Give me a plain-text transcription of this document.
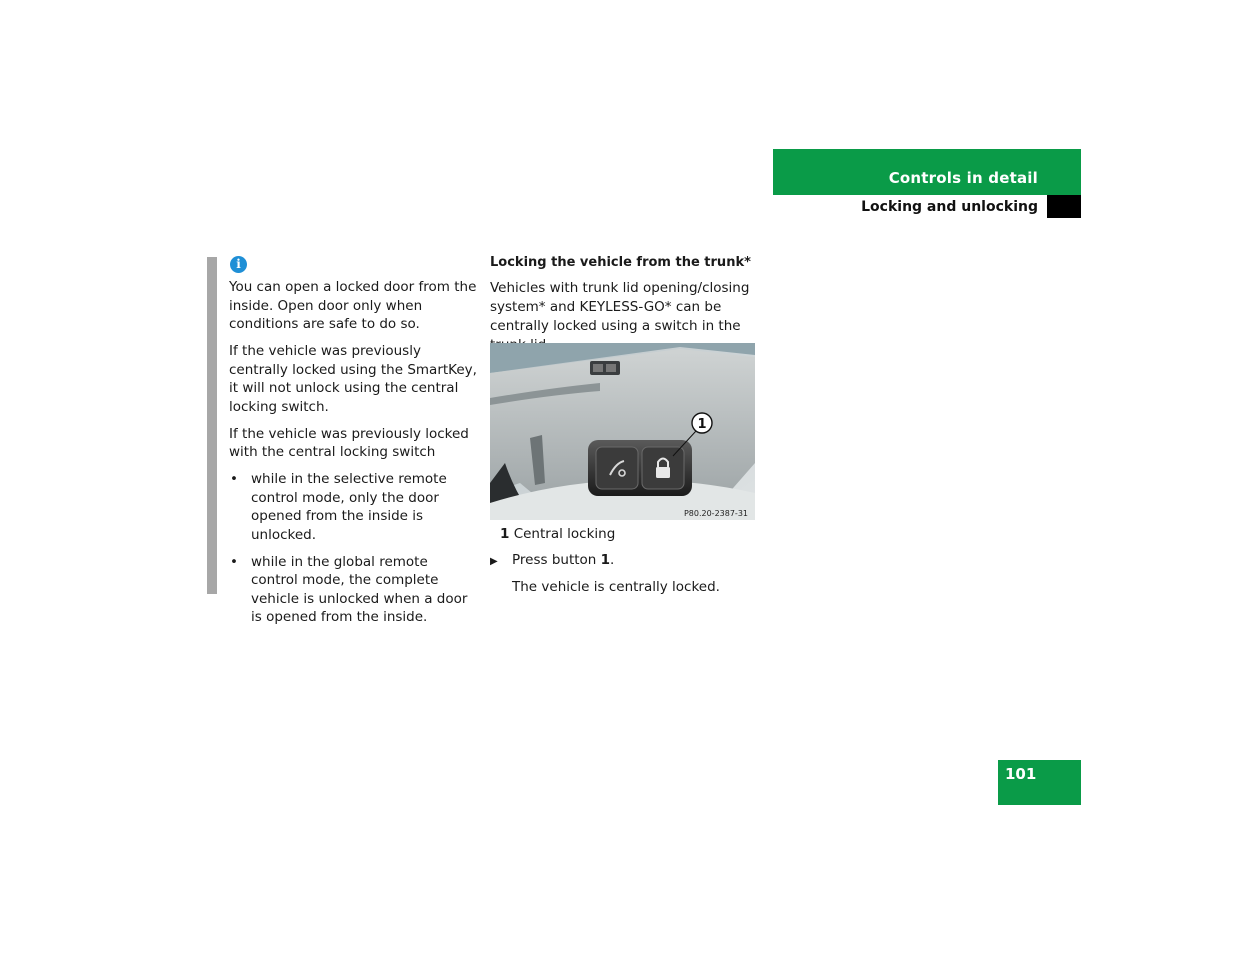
Controls in detail
Locking and unlocking
i

You can open a locked door from the inside. Open door only when conditions are safe to do so.

If the vehicle was previously centrally locked using the SmartKey, it will not unlock using the central locking switch.

If the vehicle was previously locked with the central locking switch

• while in the selective remote control mode, only the door opened from the inside is unlocked.
• while in the global remote control mode, the complete vehicle is unlocked when a door is opened from the inside.

Locking the vehicle from the trunk*

Vehicles with trunk lid opening/closing system* and KEYLESS-GO* can be centrally locked using a switch in the

1
P80.20-2387-31
1 Central locking
▶ Press button 1.
The vehicle is centrally locked.
101
